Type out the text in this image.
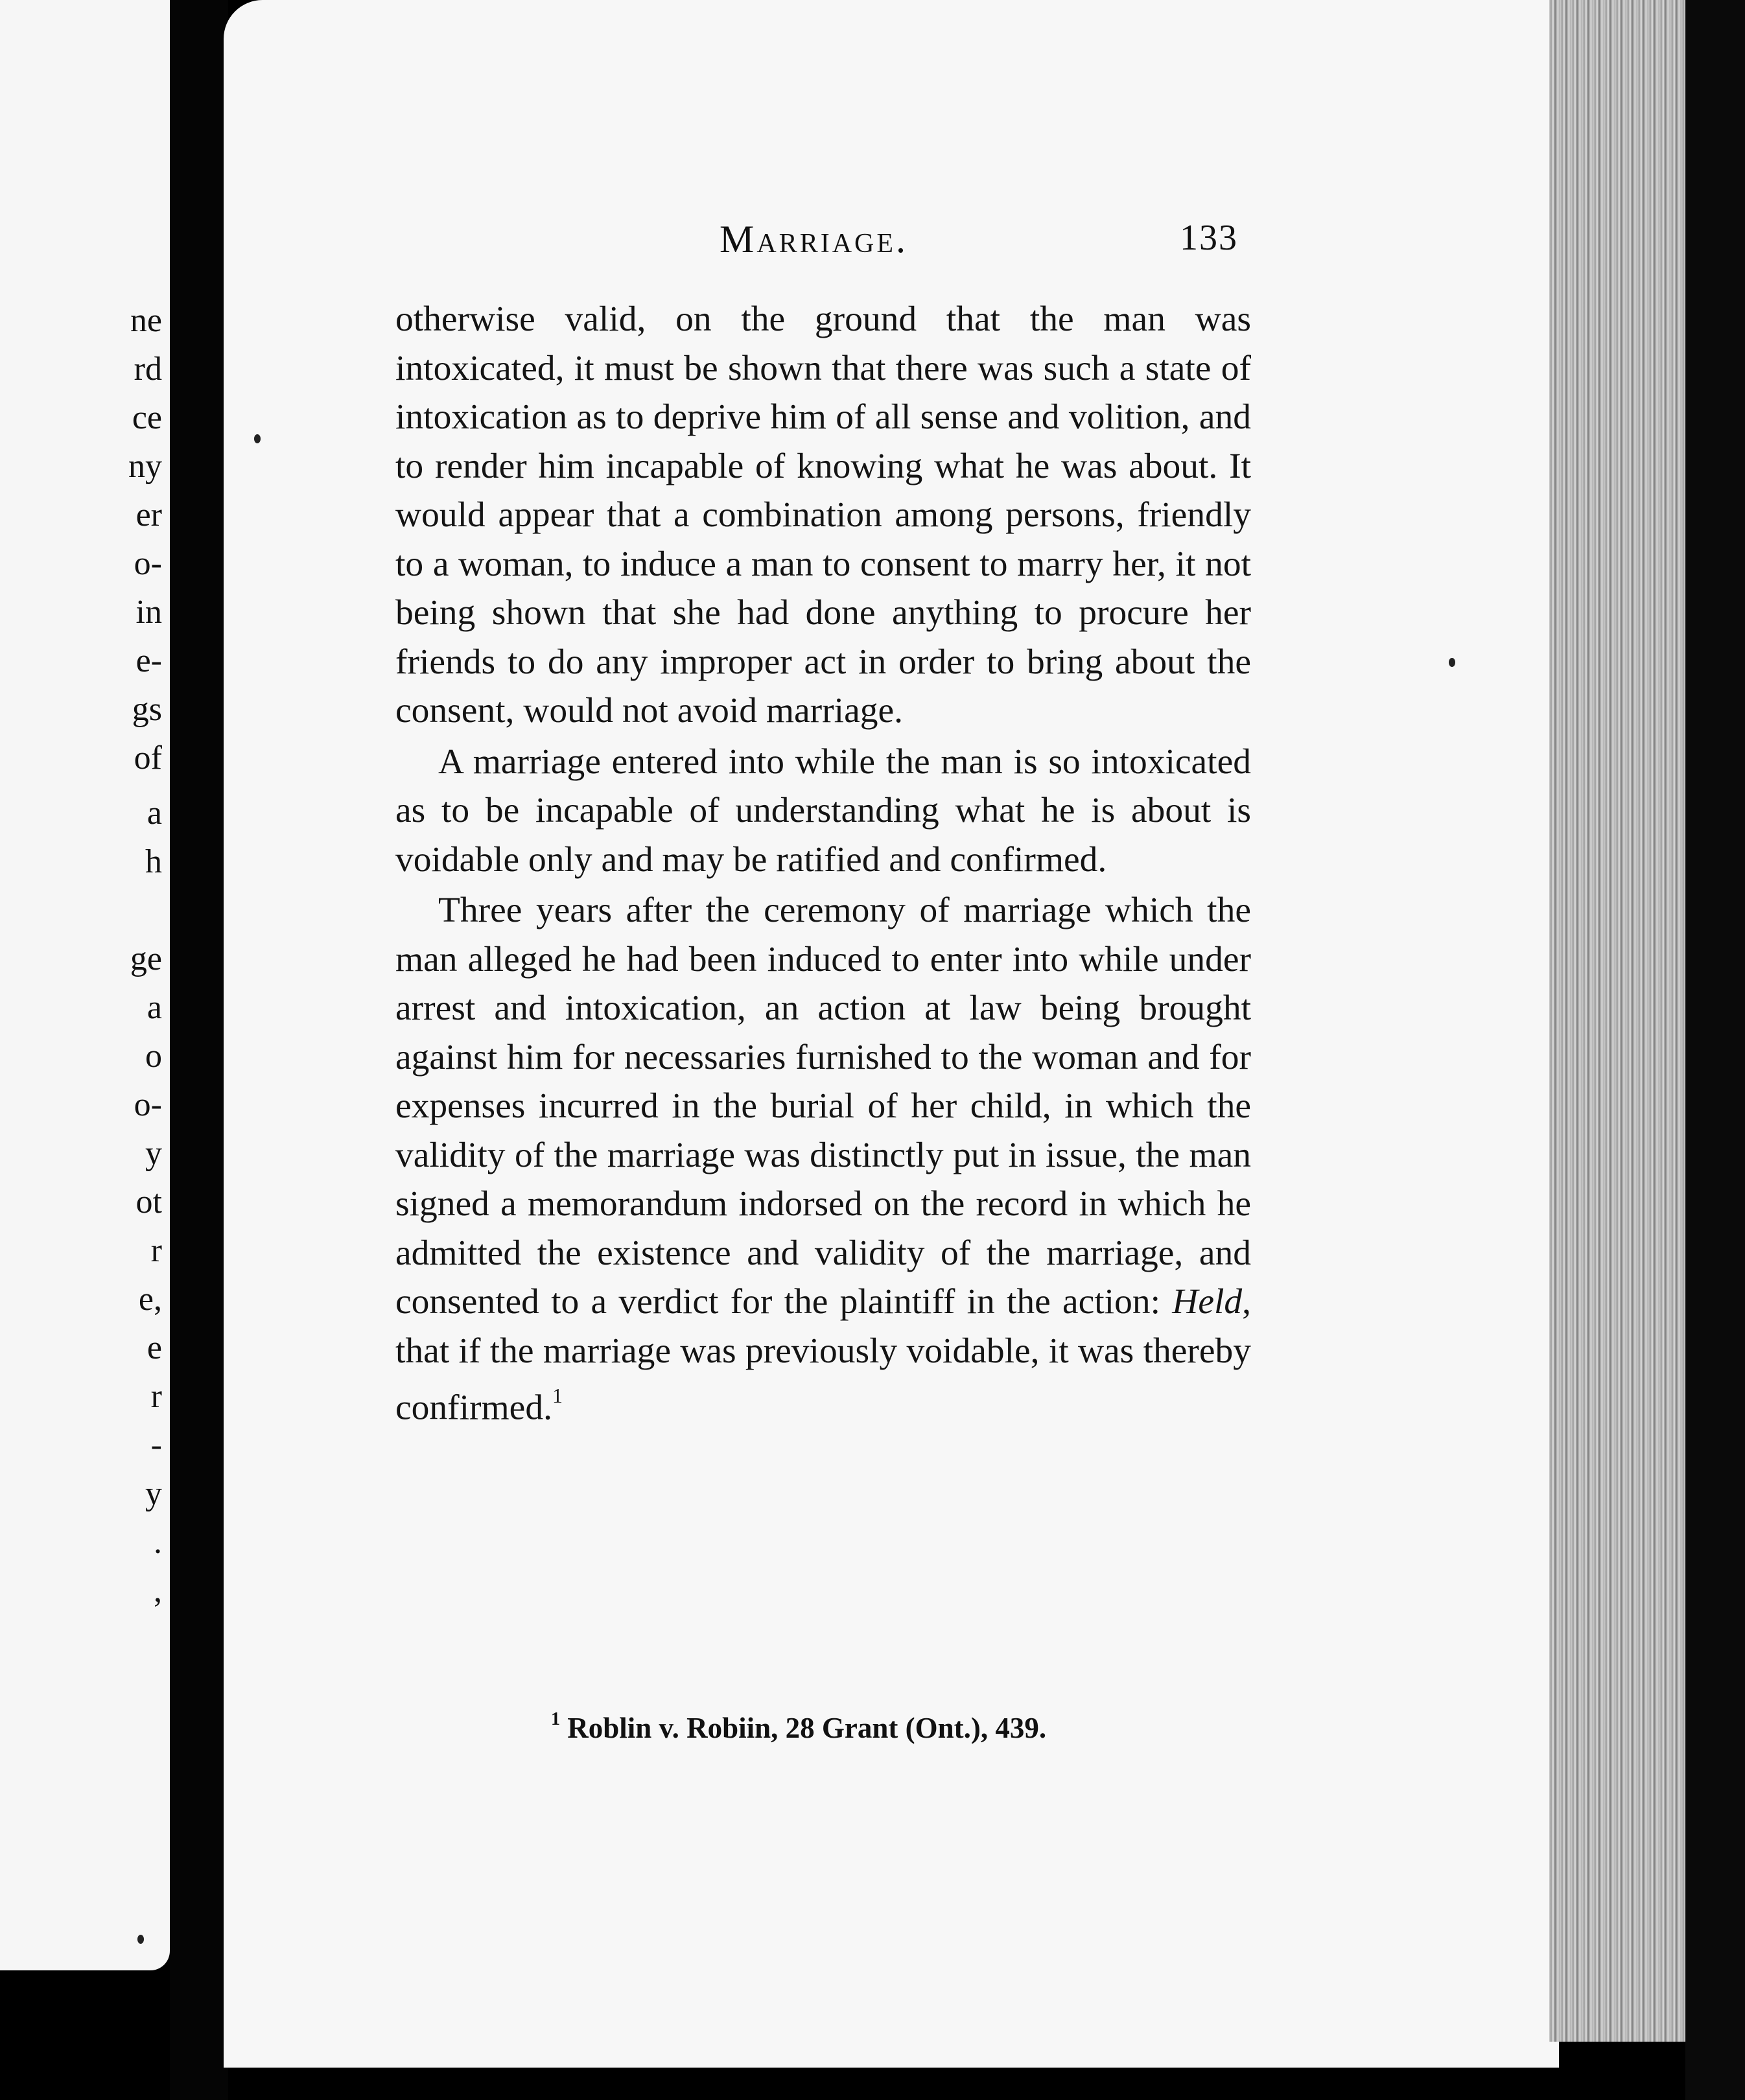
ne
rd
ce
ny
er
o-
in
e-
gs
of
a
h
ge
a
o
o-
y
ot
r
e,
e
r
-
y
.
,
Marriage.	133

otherwise valid, on the ground that the man was intoxicated, it must be shown that there was such a state of intoxication as to deprive him of all sense and volition, and to render him incapable of knowing what he was about. It would appear that a combination among persons, friendly to a woman, to induce a man to consent to marry her, it not being shown that she had done anything to procure her friends to do any improper act in order to bring about the consent, would not avoid marriage.

A marriage entered into while the man is so intoxicated as to be incapable of understanding what he is about is voidable only and may be ratified and confirmed.

Three years after the ceremony of marriage which the man alleged he had been induced to enter into while under arrest and intoxication, an action at law being brought against him for necessaries furnished to the woman and for expenses incurred in the burial of her child, in which the validity of the marriage was distinctly put in issue, the man signed a memorandum indorsed on the record in which he admitted the existence and validity of the marriage, and consented to a verdict for the plaintiff in the action: Held, that if the marriage was previously voidable, it was thereby confirmed.$^1$

$^1$ Roblin v. Robiin, 28 Grant (Ont.), 439.
